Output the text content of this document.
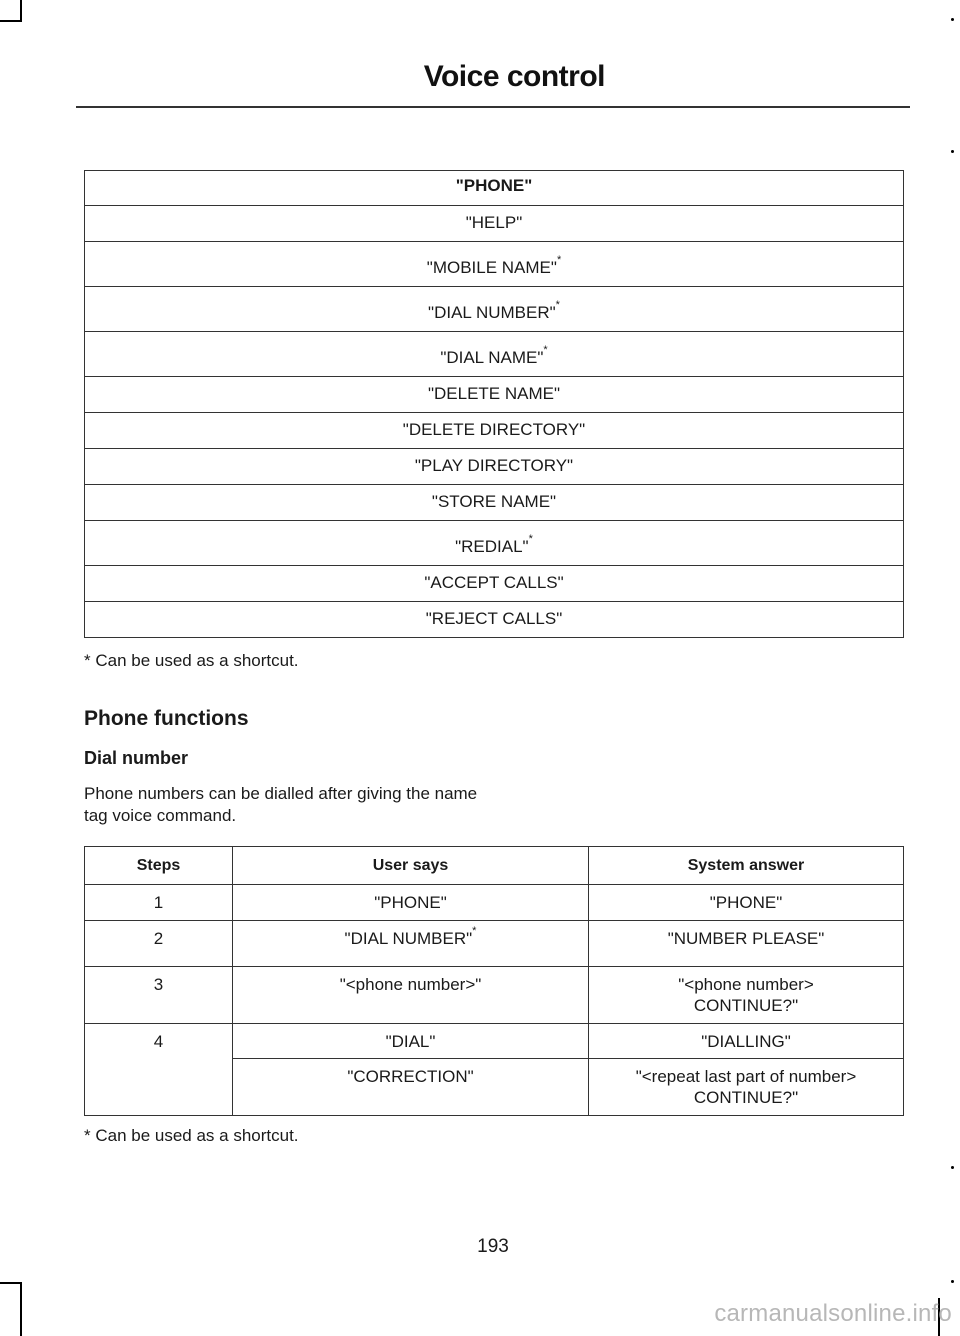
Voice control
"PHONE"
"HELP"
"MOBILE NAME"*
"DIAL NUMBER"*
"DIAL NAME"*
"DELETE NAME"
"DELETE DIRECTORY"
"PLAY DIRECTORY"
"STORE NAME"
"REDIAL"*
"ACCEPT CALLS"
"REJECT CALLS"
* Can be used as a shortcut.
Phone functions
Dial number
Phone numbers can be dialled after giving the name tag voice command.
Steps	User says	System answer
1	"PHONE"	"PHONE"
2	"DIAL NUMBER"*	"NUMBER PLEASE"
3	"<phone number>"	"<phone number> CONTINUE?"
4	"DIAL"	"DIALLING"
	"CORRECTION"	"<repeat last part of number> CONTINUE?"
* Can be used as a shortcut.
193
carmanualsonline.info
